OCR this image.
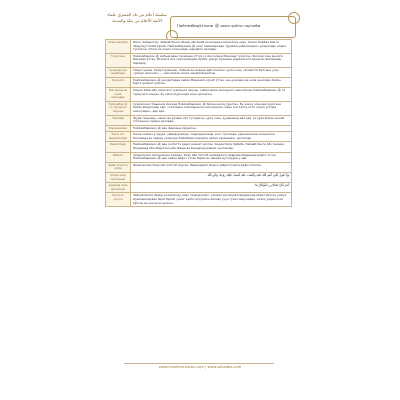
سلسلة أعلام من بلاد المشرق علماء الأئمة الأعلام من مكة والمدينة
Пайғамбарўғлони ﷺ икки ҳаёти тартиби
Исми шарифи	Иисм: Зайдхотин, Зайнаб бинти Жаҳш ибн Риёб ал-Асадия розияллоҳу анҳо. Онаси Умайма бинти Абдулмутталиб бўлиб, Пайғамбаримиз ﷺ нинг аммаларидан, Қурайш қабиласидан, ҳижратдан олдин туғилган. Отаси ва онаси томонидан шарафли оиладан.
Тугилгани	Пайғамбарлик ﷺ мабъасидан тахминан ўттиз уч йил олдин Маккада туғилган. Болалиги ва ёшлиги Маккада ўтган, Исломга илк кирганлардан бўлиб, уммул мўминин даражасига эришган аёллардан биридир.
Кунялари ва лақаблари	Уммул ҳакам, Уммул мўминин, Зайнаб ал-Асадия деб аталган; қўли очиқ, саховатли бўлгани учун «уммул масокин» — мискинлар онаси лақаби берилган.
Ҳижрати	Пайғамбаримиз ﷺ ҳижратидан кейин Мадинага кўчиб ўтган, ака-укалари ва оила аъзолари билан бирга ҳижрат қилган.
Ким билан ва нима мақсадда	Олдин Зайд ибн Ҳорисага турмушга чиққан, кейинчалик Аллоҳнинг амри билан Пайғамбаримиз ﷺ га турмушга чиққан, бу никоҳ Қуръонда зикр қилинган.
Пайғамбар ﷺ га турмушга чиқиши	Ҳижратнинг бешинчи йилида Пайғамбаримиз ﷺ билан никоҳ ўқилган. Бу никоҳ осмонда ўқилгани билан фахрланар эди: «Сизларни оилаларингиз никоҳлаган, мени эса Аллоҳ етти осмон устида никоҳлади», дер эди.
Тавсифи	Жуда тақводор, намоз ва рўзани кўп тутадиган, қўли очиқ, ҳунарманд аёл эди; ўз қўли билан ишлаб топганини садақа қиларди.
Фарзандлари	Пайғамбаримиз ﷺ дан фарзанд кўрмаган.
Ўзига хос фазилатлари	Оиша онамиз у ҳақда: «Диндорликда, тақводорликда, рост сўзликда, қариндошлик алоқасини боғлашда ва садақа қилишда Зайнабдан яхшироқ аёлни кўрмадим», деганлар.
Ривоятлари	Пайғамбаримиз ﷺ дан ўн битта ҳадис ривоят қилган. Ундан Умму Ҳабиба, Зайнаб бинти Абу Салама, Муҳаммад ибн Абдуллоҳ ибн Жаҳш ва бошқалар ривоят қилганлар.
Вафоти	Ҳижратнинг йигирманчи йилида, Умар ибн Хаттоб халифалиги даврида Мадинада вафот этган. Пайғамбаримиз ﷺ дан кейин вафот этган биринчи завжаи мутоҳҳара у эди.
Дафн этилган жойи	Жанозасини Умар ибн Хаттоб ўқиган, Мадинадаги Бақиъ қабристонига дафн этилган.
Оятда зикр қилиниши	وَإِذْ تَقُولُ لِلَّذِي أَنْعَمَ اللَّهُ عَلَيْهِ وَأَنْعَمْتَ عَلَيْهِ أَمْسِكْ عَلَيْكَ زَوْجَكَ وَاتَّقِ اللَّهَ
Ҳадисда зикр қилиниши	أَسْرَعُكُنَّ لَحَاقًا بِي أَطْوَلُكُنَّ يَدًا
Қисқача хулоса	Зайнаб бинти Жаҳш розияллоҳу анҳо тақводорлик, саховат ва меҳнатсеварликда ибрат бўлган уммул мўмининлардан бири бўлиб, унинг ҳаёти мусулмон аёллар учун гўзал намунадир. Аллоҳ ундан рози бўлсин ва уни рози қилсин.
www.muslimsuvwan.com | www.sahaaba.com
